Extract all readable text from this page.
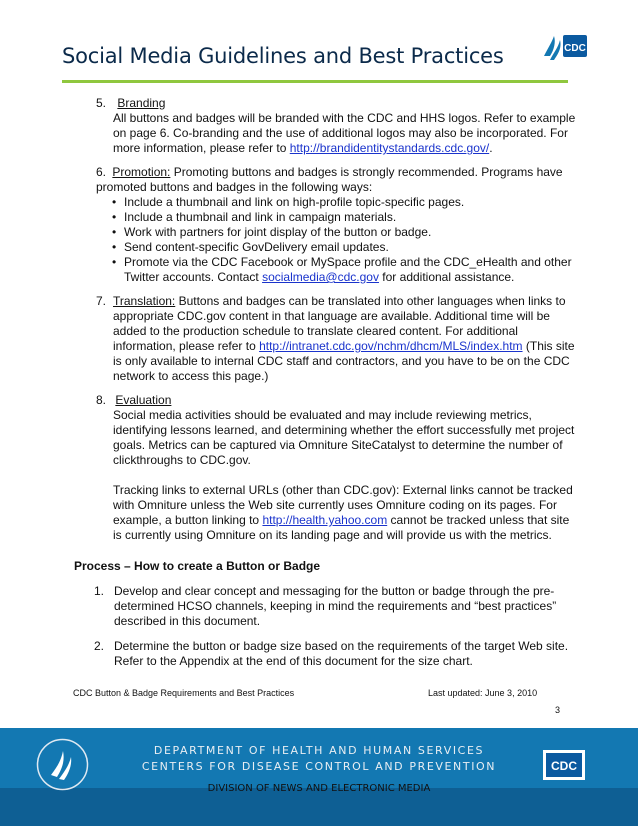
Social Media Guidelines and Best Practices	CDC
5. Branding
All buttons and badges will be branded with the CDC and HHS logos. Refer to example on page 6. Co-branding and the use of additional logos may also be incorporated. For more information, please refer to http://brandidentitystandards.cdc.gov/.
6. Promotion: Promoting buttons and badges is strongly recommended. Programs have promoted buttons and badges in the following ways:
• Include a thumbnail and link on high-profile topic-specific pages.
• Include a thumbnail and link in campaign materials.
• Work with partners for joint display of the button or badge.
• Send content-specific GovDelivery email updates.
• Promote via the CDC Facebook or MySpace profile and the CDC_eHealth and other Twitter accounts. Contact socialmedia@cdc.gov for additional assistance.
7. Translation: Buttons and badges can be translated into other languages when links to appropriate CDC.gov content in that language are available. Additional time will be added to the production schedule to translate cleared content. For additional information, please refer to http://intranet.cdc.gov/nchm/dhcm/MLS/index.htm (This site is only available to internal CDC staff and contractors, and you have to be on the CDC network to access this page.)
8. Evaluation
Social media activities should be evaluated and may include reviewing metrics, identifying lessons learned, and determining whether the effort successfully met project goals. Metrics can be captured via Omniture SiteCatalyst to determine the number of clickthroughs to CDC.gov.
Tracking links to external URLs (other than CDC.gov): External links cannot be tracked with Omniture unless the Web site currently uses Omniture coding on its pages. For example, a button linking to http://health.yahoo.com cannot be tracked unless that site is currently using Omniture on its landing page and will provide us with the metrics.
Process – How to create a Button or Badge
1. Develop and clear concept and messaging for the button or badge through the pre-determined HCSO channels, keeping in mind the requirements and “best practices” described in this document.
2. Determine the button or badge size based on the requirements of the target Web site. Refer to the Appendix at the end of this document for the size chart.
CDC Button & Badge Requirements and Best Practices	Last updated: June 3, 2010
3
DEPARTMENT OF HEALTH AND HUMAN SERVICES
CENTERS FOR DISEASE CONTROL AND PREVENTION	CDC
DIVISION OF NEWS AND ELECTRONIC MEDIA
